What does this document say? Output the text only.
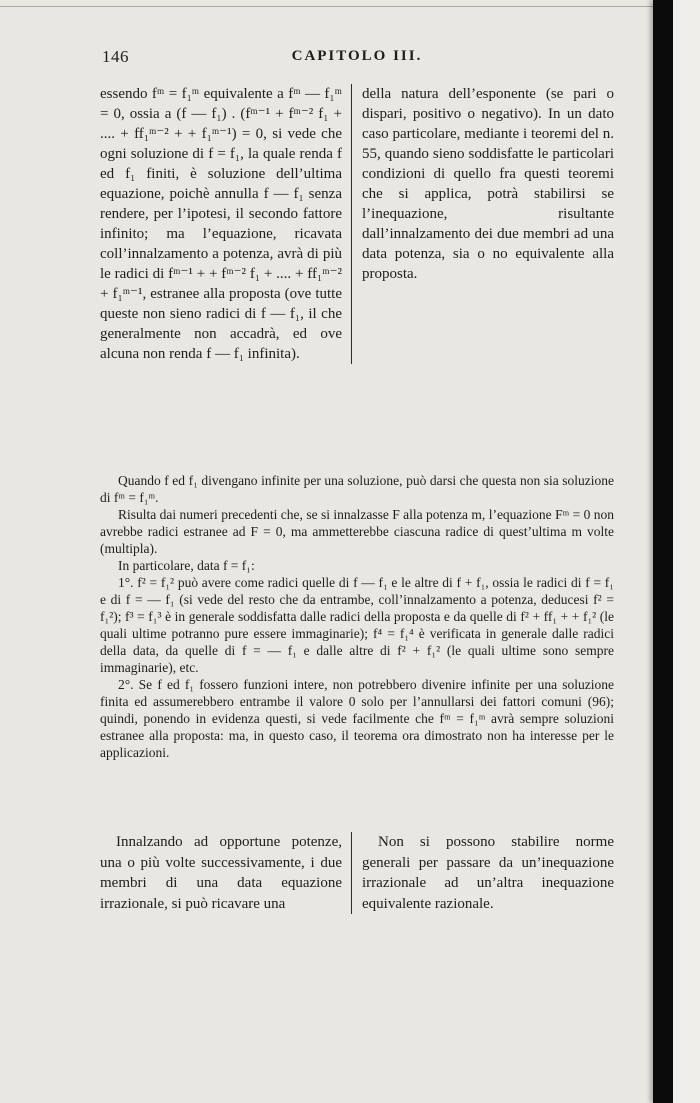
146	CAPITOLO III.

essendo fᵐ = f₁ᵐ equivalente a fᵐ — f₁ᵐ = 0, ossia a (f — f₁) . (fᵐ⁻¹ + fᵐ⁻² f₁ + .... + ff₁ᵐ⁻² + + f₁ᵐ⁻¹) = 0, si vede che ogni soluzione di f = f₁, la quale renda f ed f₁ finiti, è soluzione dell’ultima equazione, poichè annulla f — f₁ senza rendere, per l’ipotesi, il secondo fattore infinito; ma l’equazione, ricavata coll’innalzamento a potenza, avrà di più le radici di fᵐ⁻¹ + + fᵐ⁻² f₁ + .... + ff₁ᵐ⁻² + f₁ᵐ⁻¹, estranee alla proposta (ove tutte queste non sieno radici di f — f₁, il che generalmente non accadrà, ed ove alcuna non renda f — f₁ infinita).

della natura dell’esponente (se pari o dispari, positivo o negativo). In un dato caso particolare, mediante i teoremi del n. 55, quando sieno soddisfatte le particolari condizioni di quello fra questi teoremi che si applica, potrà stabilirsi se l’inequazione, risultante dall’innalzamento dei due membri ad una data potenza, sia o no equivalente alla proposta.

Quando f ed f₁ divengano infinite per una soluzione, può darsi che questa non sia soluzione di fᵐ = f₁ᵐ.

Risulta dai numeri precedenti che, se si innalzasse F alla potenza m, l’equazione Fᵐ = 0 non avrebbe radici estranee ad F = 0, ma ammetterebbe ciascuna radice di quest’ultima m volte (multipla).

In particolare, data f = f₁:

1°. f² = f₁² può avere come radici quelle di f — f₁ e le altre di f + f₁, ossia le radici di f = f₁ e di f = — f₁ (si vede del resto che da entrambe, coll’innalzamento a potenza, deducesi f² = f₁²); f³ = f₁³ è in generale soddisfatta dalle radici della proposta e da quelle di f² + ff₁ + + f₁² (le quali ultime potranno pure essere immaginarie); f⁴ = f₁⁴ è verificata in generale dalle radici della data, da quelle di f = — f₁ e dalle altre di f² + f₁² (le quali ultime sono sempre immaginarie), etc.

2°. Se f ed f₁ fossero funzioni intere, non potrebbero divenire infinite per una soluzione finita ed assumerebbero entrambe il valore 0 solo per l’annullarsi dei fattori comuni (96); quindi, ponendo in evidenza questi, si vede facilmente che fᵐ = f₁ᵐ avrà sempre soluzioni estranee alla proposta: ma, in questo caso, il teorema ora dimostrato non ha interesse per le applicazioni.

Innalzando ad opportune potenze, una o più volte successivamente, i due membri di una data equazione irrazionale, si può ricavare una

Non si possono stabilire norme generali per passare da un’inequazione irrazionale ad un’altra inequazione equivalente razionale.
